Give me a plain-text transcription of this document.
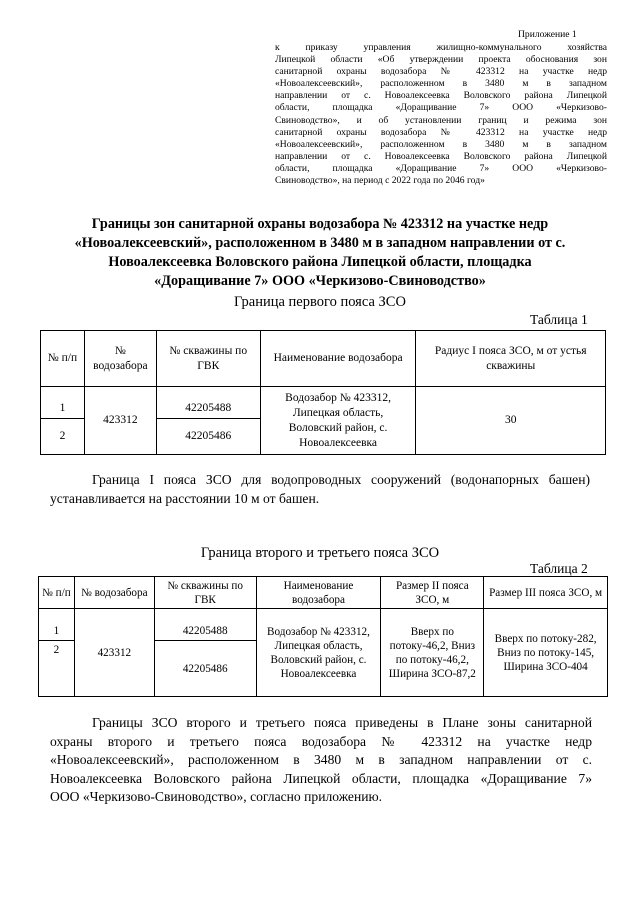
Приложение 1
к приказу управления жилищно-коммунального хозяйства
Липецкой области «Об утверждении проекта обоснования зон
санитарной охраны водозабора № 423312 на участке недр
«Новоалексеевский», расположенном в 3480 м в западном
направлении от с. Новоалексеевка Воловского района Липецкой
области, площадка «Доращивание 7» ООО «Черкизово-
Свиноводство», и об установлении границ и режима зон
санитарной охраны водозабора № 423312 на участке недр
«Новоалексеевский», расположенном в 3480 м в западном
направлении от с. Новоалексеевка Воловского района Липецкой
области, площадка «Доращивание 7» ООО «Черкизово-
Свиноводство», на период с 2022 года по 2046 год»
Границы зон санитарной охраны водозабора № 423312 на участке недр
«Новоалексеевский», расположенном в 3480 м в западном направлении от с.
Новоалексеевка Воловского района Липецкой области, площадка
«Доращивание 7» ООО «Черкизово-Свиноводство»
Граница первого пояса ЗСО
Таблица 1
№ п/п	№ водозабора	№ скважины по ГВК	Наименование водозабора	Радиус I пояса ЗСО, м от устья скважины
1	423312	42205488	Водозабор № 423312, Липецкая область, Воловский район, с. Новоалексеевка	30
2		42205486		
Граница I пояса ЗСО для водопроводных сооружений (водонапорных башен)
устанавливается на расстоянии 10 м от башен.
Граница второго и третьего пояса ЗСО
Таблица 2
№ п/п	№ водозабора	№ скважины по ГВК	Наименование водозабора	Размер II пояса ЗСО, м	Размер III пояса ЗСО, м
1	423312	42205488	Водозабор № 423312, Липецкая область, Воловский район, с. Новоалексеевка	Вверх по потоку-46,2, Вниз по потоку-46,2, Ширина ЗСО-87,2	Вверх по потоку-282, Вниз по потоку-145, Ширина ЗСО-404
2		42205486			
Границы ЗСО второго и третьего пояса приведены в Плане зоны санитарной
охраны второго и третьего пояса водозабора № 423312 на участке недр
«Новоалексеевский», расположенном в 3480 м в западном направлении от с.
Новоалексеевка Воловского района Липецкой области, площадка «Доращивание 7»
ООО «Черкизово-Свиноводство», согласно приложению.
